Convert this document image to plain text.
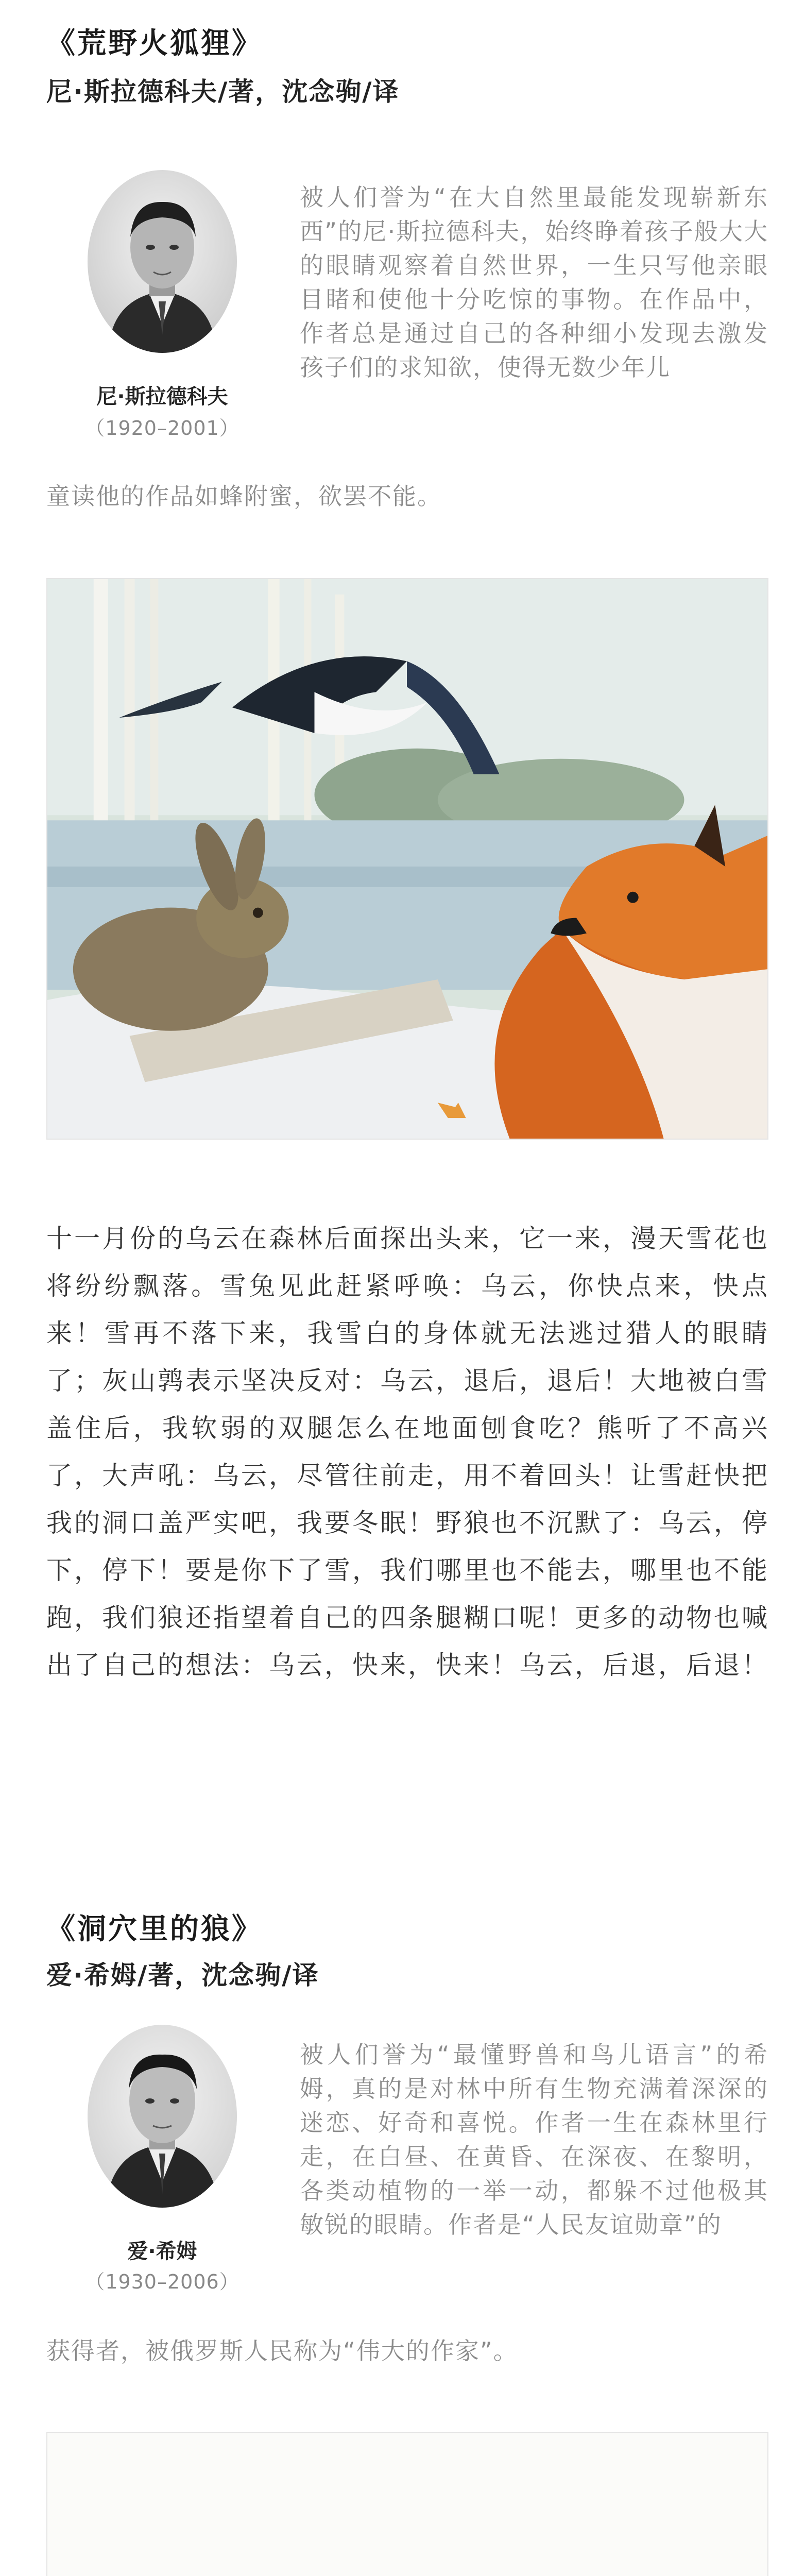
《荒野火狐狸》
尼·斯拉德科夫/著，沈念驹/译
尼·斯拉德科夫
（1920–2001）
被人们誉为“在大自然里最能发现崭新东西”的尼·斯拉德科夫，始终睁着孩子般大大的眼睛观察着自然世界，一生只写他亲眼目睹和使他十分吃惊的事物。在作品中，作者总是通过自己的各种细小发现去激发孩子们的求知欲，使得无数少年儿
童读他的作品如蜂附蜜，欲罢不能。
十一月份的乌云在森林后面探出头来，它一来，漫天雪花也将纷纷飘落。雪兔见此赶紧呼唤：乌云，你快点来，快点来！雪再不落下来，我雪白的身体就无法逃过猎人的眼睛了；灰山鹑表示坚决反对：乌云，退后，退后！大地被白雪盖住后，我软弱的双腿怎么在地面刨食吃？熊听了不高兴了，大声吼：乌云，尽管往前走，用不着回头！让雪赶快把我的洞口盖严实吧，我要冬眠！野狼也不沉默了：乌云，停下，停下！要是你下了雪，我们哪里也不能去，哪里也不能跑，我们狼还指望着自己的四条腿糊口呢！更多的动物也喊出了自己的想法：乌云，快来，快来！乌云，后退，后退！
《洞穴里的狼》
爱·希姆/著，沈念驹/译
爱·希姆
（1930–2006）
被人们誉为“最懂野兽和鸟儿语言”的希姆，真的是对林中所有生物充满着深深的迷恋、好奇和喜悦。作者一生在森林里行走，在白昼、在黄昏、在深夜、在黎明，各类动植物的一举一动，都躲不过他极其敏锐的眼睛。作者是“人民友谊勋章”的
获得者，被俄罗斯人民称为“伟大的作家”。
